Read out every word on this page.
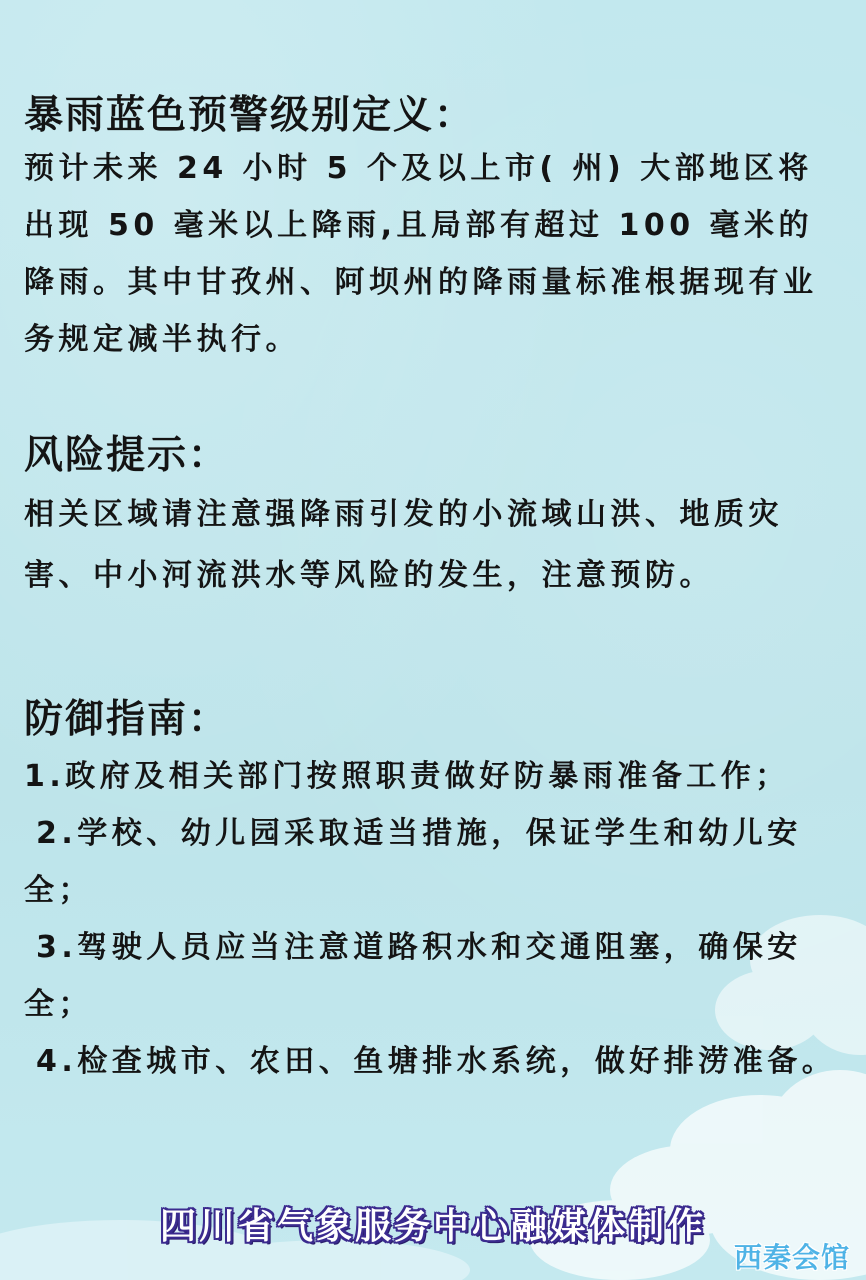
暴雨蓝色预警级别定义：

预计未来 24 小时 5 个及以上市( 州) 大部地区将出现 50 毫米以上降雨,且局部有超过 100 毫米的降雨。其中甘孜州、阿坝州的降雨量标准根据现有业务规定减半执行。

风险提示：

相关区域请注意强降雨引发的小流域山洪、地质灾害、中小河流洪水等风险的发生，注意预防。

防御指南：
1.政府及相关部门按照职责做好防暴雨准备工作；
2.学校、幼儿园采取适当措施，保证学生和幼儿安全；
3.驾驶人员应当注意道路积水和交通阻塞，确保安全；
4.检查城市、农田、鱼塘排水系统，做好排涝准备。
四川省气象服务中心融媒体制作
西秦会馆
